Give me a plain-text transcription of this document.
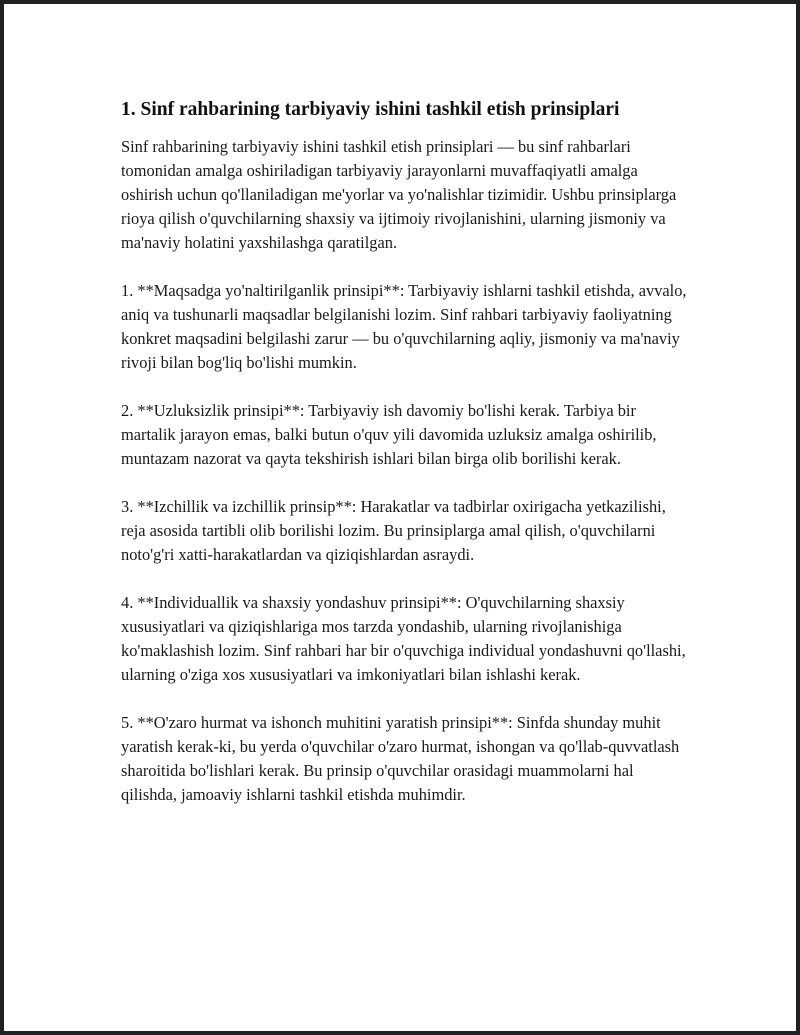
1. Sinf rahbarining tarbiyaviy ishini tashkil etish prinsiplari

Sinf rahbarining tarbiyaviy ishini tashkil etish prinsiplari — bu sinf rahbarlari tomonidan amalga oshiriladigan tarbiyaviy jarayonlarni muvaffaqiyatli amalga oshirish uchun qo'llaniladigan me'yorlar va yo'nalishlar tizimidir. Ushbu prinsiplarga rioya qilish o'quvchilarning shaxsiy va ijtimoiy rivojlanishini, ularning jismoniy va ma'naviy holatini yaxshilashga qaratilgan.

1. **Maqsadga yo'naltirilganlik prinsipi**: Tarbiyaviy ishlarni tashkil etishda, avvalo, aniq va tushunarli maqsadlar belgilanishi lozim. Sinf rahbari tarbiyaviy faoliyatning konkret maqsadini belgilashi zarur — bu o'quvchilarning aqliy, jismoniy va ma'naviy rivoji bilan bog'liq bo'lishi mumkin.

2. **Uzluksizlik prinsipi**: Tarbiyaviy ish davomiy bo'lishi kerak. Tarbiya bir martalik jarayon emas, balki butun o'quv yili davomida uzluksiz amalga oshirilib, muntazam nazorat va qayta tekshirish ishlari bilan birga olib borilishi kerak.

3. **Izchillik va izchillik prinsip**: Harakatlar va tadbirlar oxirigacha yetkazilishi, reja asosida tartibli olib borilishi lozim. Bu prinsiplarga amal qilish, o'quvchilarni noto'g'ri xatti-harakatlardan va qiziqishlardan asraydi.

4. **Individuallik va shaxsiy yondashuv prinsipi**: O'quvchilarning shaxsiy xususiyatlari va qiziqishlariga mos tarzda yondashib, ularning rivojlanishiga ko'maklashish lozim. Sinf rahbari har bir o'quvchiga individual yondashuvni qo'llashi, ularning o'ziga xos xususiyatlari va imkoniyatlari bilan ishlashi kerak.

5. **O'zaro hurmat va ishonch muhitini yaratish prinsipi**: Sinfda shunday muhit yaratish kerak-ki, bu yerda o'quvchilar o'zaro hurmat, ishongan va qo'llab-quvvatlash sharoitida bo'lishlari kerak. Bu prinsip o'quvchilar orasidagi muammolarni hal qilishda, jamoaviy ishlarni tashkil etishda muhimdir.
